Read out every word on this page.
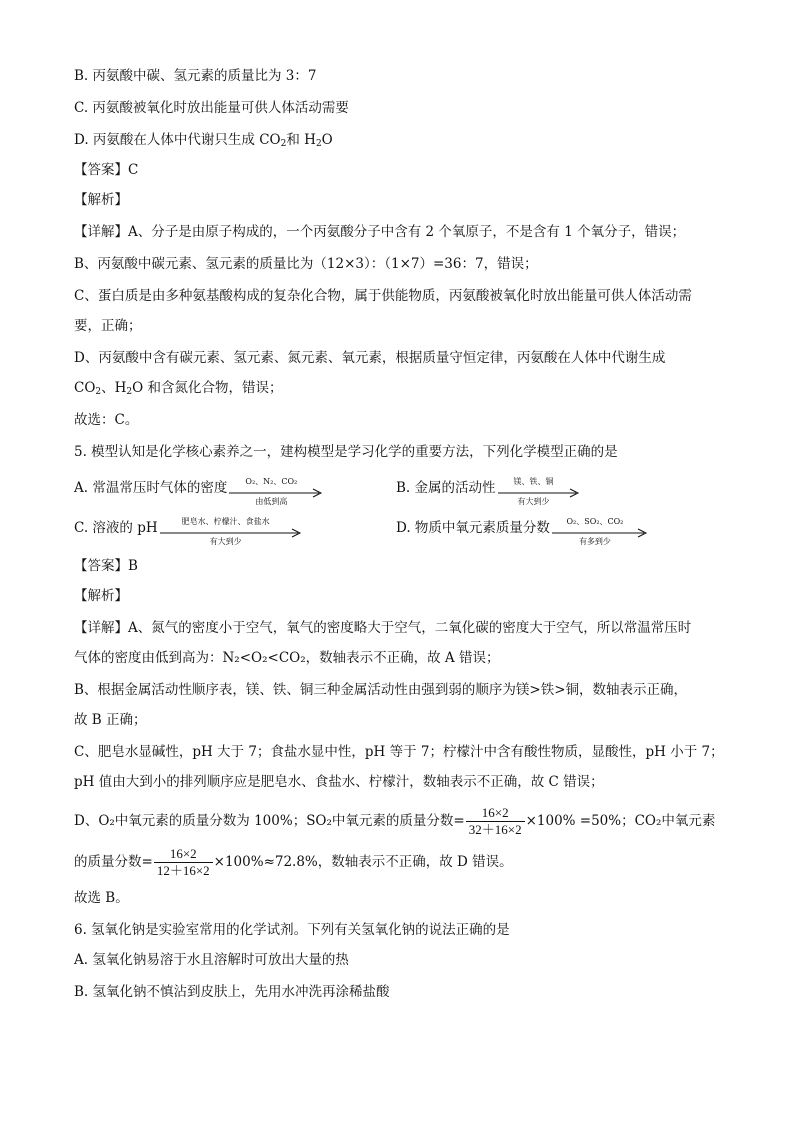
B. 丙氨酸中碳、氢元素的质量比为 3：7
C. 丙氨酸被氧化时放出能量可供人体活动需要
D. 丙氨酸在人体中代谢只生成 $CO_2$和 $H_2O$
【答案】C
【解析】
【详解】A、分子是由原子构成的，一个丙氨酸分子中含有 2 个氧原子，不是含有 1 个氧分子，错误；
B、丙氨酸中碳元素、氢元素的质量比为（12×3）：（1×7）=36：7，错误；
C、蛋白质是由多种氨基酸构成的复杂化合物，属于供能物质，丙氨酸被氧化时放出能量可供人体活动需
要，正确；
D、丙氨酸中含有碳元素、氢元素、氮元素、氧元素，根据质量守恒定律，丙氨酸在人体中代谢生成
$CO_2$、$H_2O$ 和含氮化合物，错误；
故选：C。
5. 模型认知是化学核心素养之一，建构模型是学习化学的重要方法，下列化学模型正确的是
A. 常温常压时气体的密度	O₂、N₂、CO₂
由低到高
B. 金属的活动性	镁、铁、铜
有大到少
C. 溶液的 pH	肥皂水、柠檬汁、食盐水
有大到少
D. 物质中氧元素质量分数	O₂、SO₂、CO₂
有多到少
【答案】B
【解析】
【详解】A、氮气的密度小于空气，氧气的密度略大于空气，二氧化碳的密度大于空气，所以常温常压时
气体的密度由低到高为：N₂<O₂<CO₂，数轴表示不正确，故 A 错误；
B、根据金属活动性顺序表，镁、铁、铜三种金属活动性由强到弱的顺序为镁>铁>铜，数轴表示正确，
故 B 正确；
C、肥皂水显碱性，pH 大于 7；食盐水显中性，pH 等于 7；柠檬汁中含有酸性物质，显酸性，pH 小于 7；
pH 值由大到小的排列顺序应是肥皂水、食盐水、柠檬汁，数轴表示不正确，故 C 错误；
D、O₂中氧元素的质量分数为 100%；SO₂中氧元素的质量分数= $\frac{16\times 2}{32+16\times 2} \times 100\% =50\%$；CO₂中氧元素
的质量分数= $\frac{16\times 2}{12+16\times 2} \times 100\%\approx 72.8\%$，数轴表示不正确，故 D 错误。
故选 B。
6. 氢氧化钠是实验室常用的化学试剂。下列有关氢氧化钠的说法正确的是
A. 氢氧化钠易溶于水且溶解时可放出大量的热
B. 氢氧化钠不慎沾到皮肤上，先用水冲洗再涂稀盐酸
